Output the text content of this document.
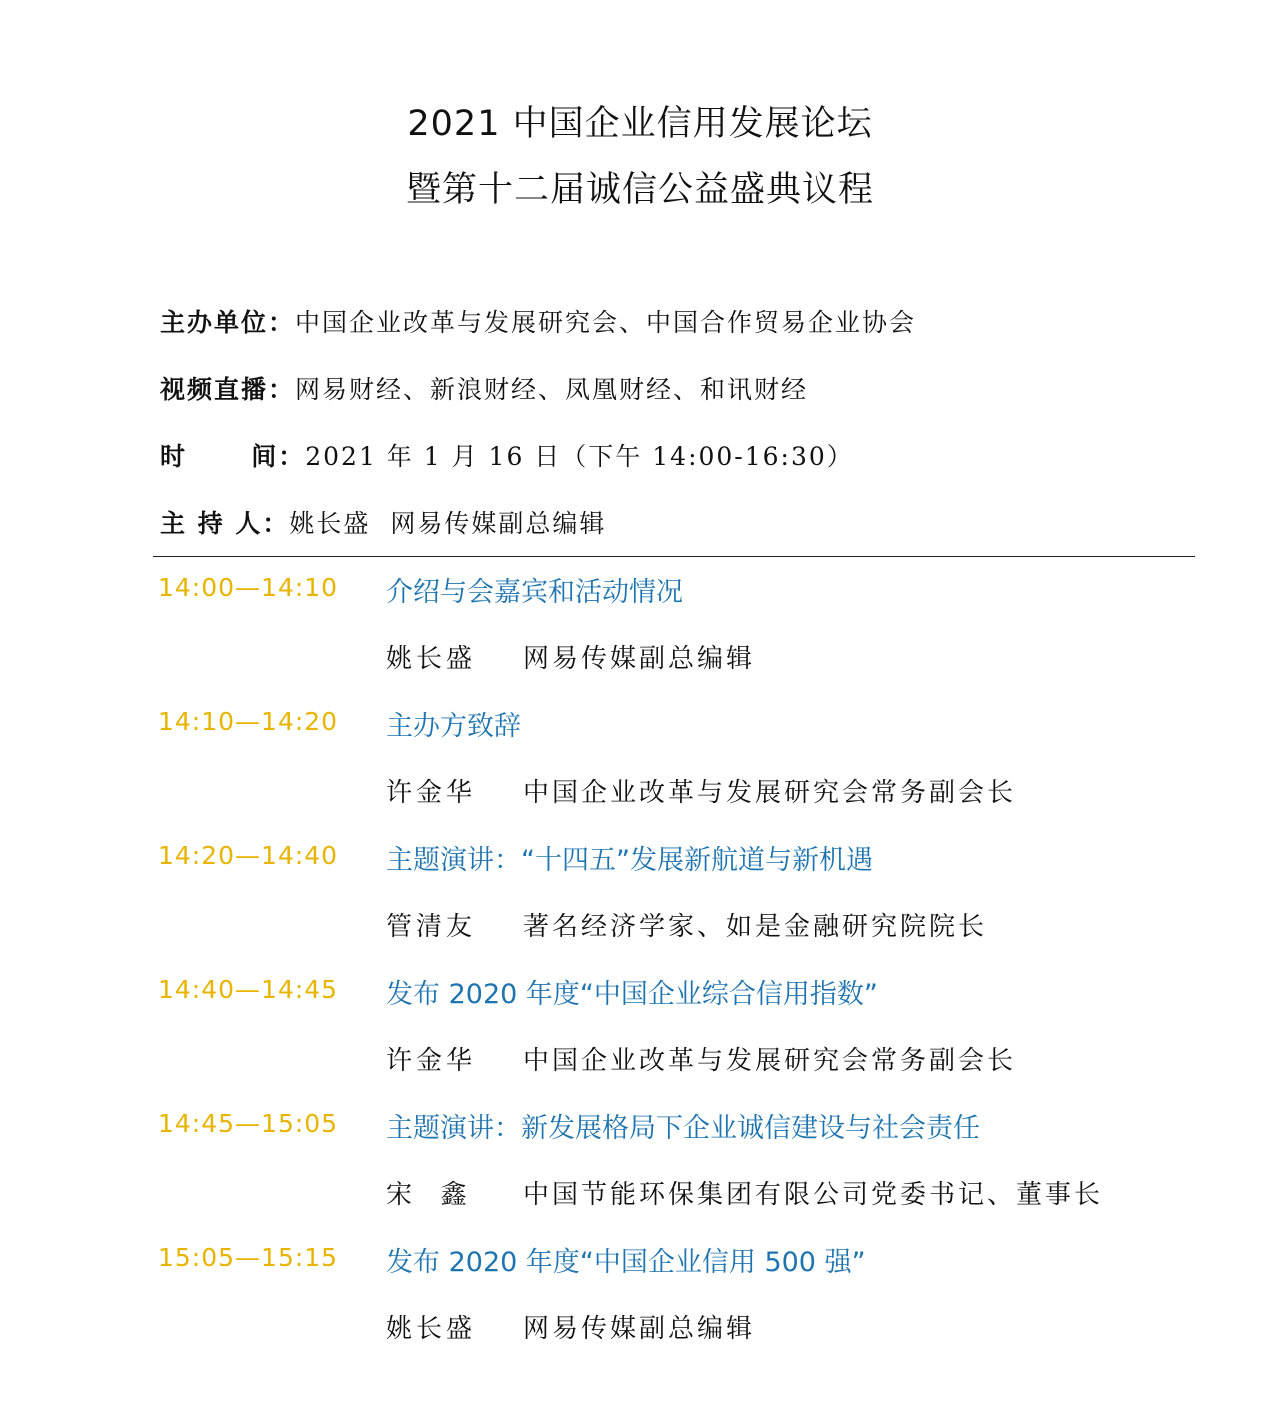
2021 中国企业信用发展论坛
暨第十二届诚信公益盛典议程
主办单位：中国企业改革与发展研究会、中国合作贸易企业协会
视频直播：网易财经、新浪财经、凤凰财经、和讯财经
时      间：2021 年 1 月 16 日（下午 14:00-16:30）
主 持 人：姚长盛  网易传媒副总编辑
14:00—14:10 介绍与会嘉宾和活动情况
姚长盛 网易传媒副总编辑
14:10—14:20 主办方致辞
许金华 中国企业改革与发展研究会常务副会长
14:20—14:40 主题演讲：“十四五”发展新航道与新机遇
管清友 著名经济学家、如是金融研究院院长
14:40—14:45 发布 2020 年度“中国企业综合信用指数”
许金华 中国企业改革与发展研究会常务副会长
14:45—15:05 主题演讲：新发展格局下企业诚信建设与社会责任
宋  鑫 中国节能环保集团有限公司党委书记、董事长
15:05—15:15 发布 2020 年度“中国企业信用 500 强”
姚长盛 网易传媒副总编辑
